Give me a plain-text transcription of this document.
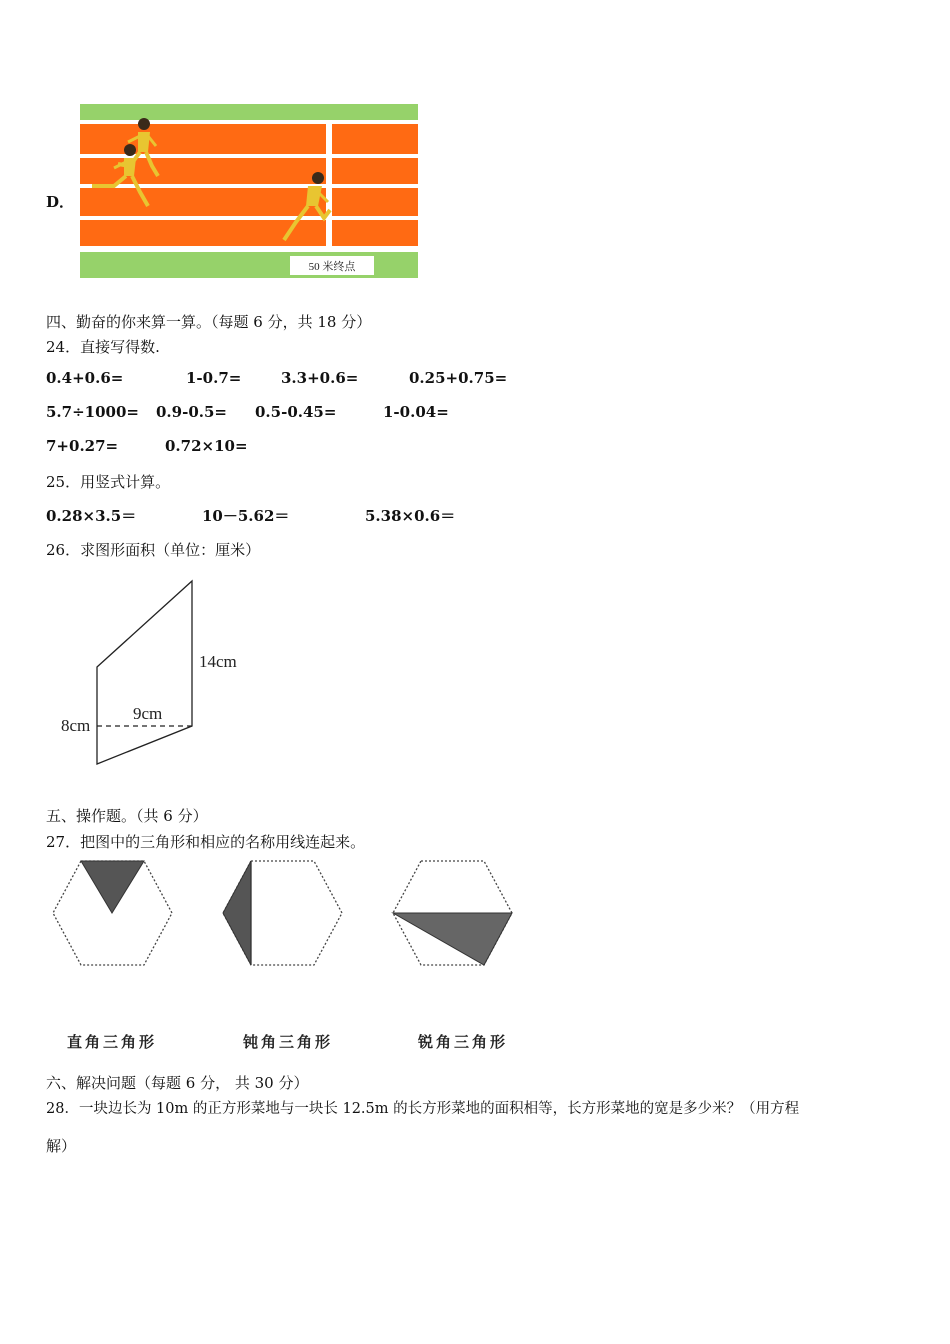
D．
50 米终点
四、勤奋的你来算一算。（每题 6 分，共 18 分）
24．直接写得数.
0.4+0.6=	1-0.7=	3.3+0.6=	0.25+0.75=
5.7÷1000= 0.9-0.5= 0.5-0.45=	1-0.04=
7+0.27=	0.72×10=
25．用竖式计算。
0.28×3.5＝	10－5.62＝	5.38×0.6＝
26．求图形面积（单位：厘米）
14cm
9cm
8cm
五、操作题。（共 6 分）
27．把图中的三角形和相应的名称用线连起来。
直角三角形	钝角三角形	锐角三角形
六、解决问题（每题 6 分， 共 30 分）
28．一块边长为 10m 的正方形菜地与一块长 12.5m 的长方形菜地的面积相等，长方形菜地的宽是多少米？（用方程
解）
